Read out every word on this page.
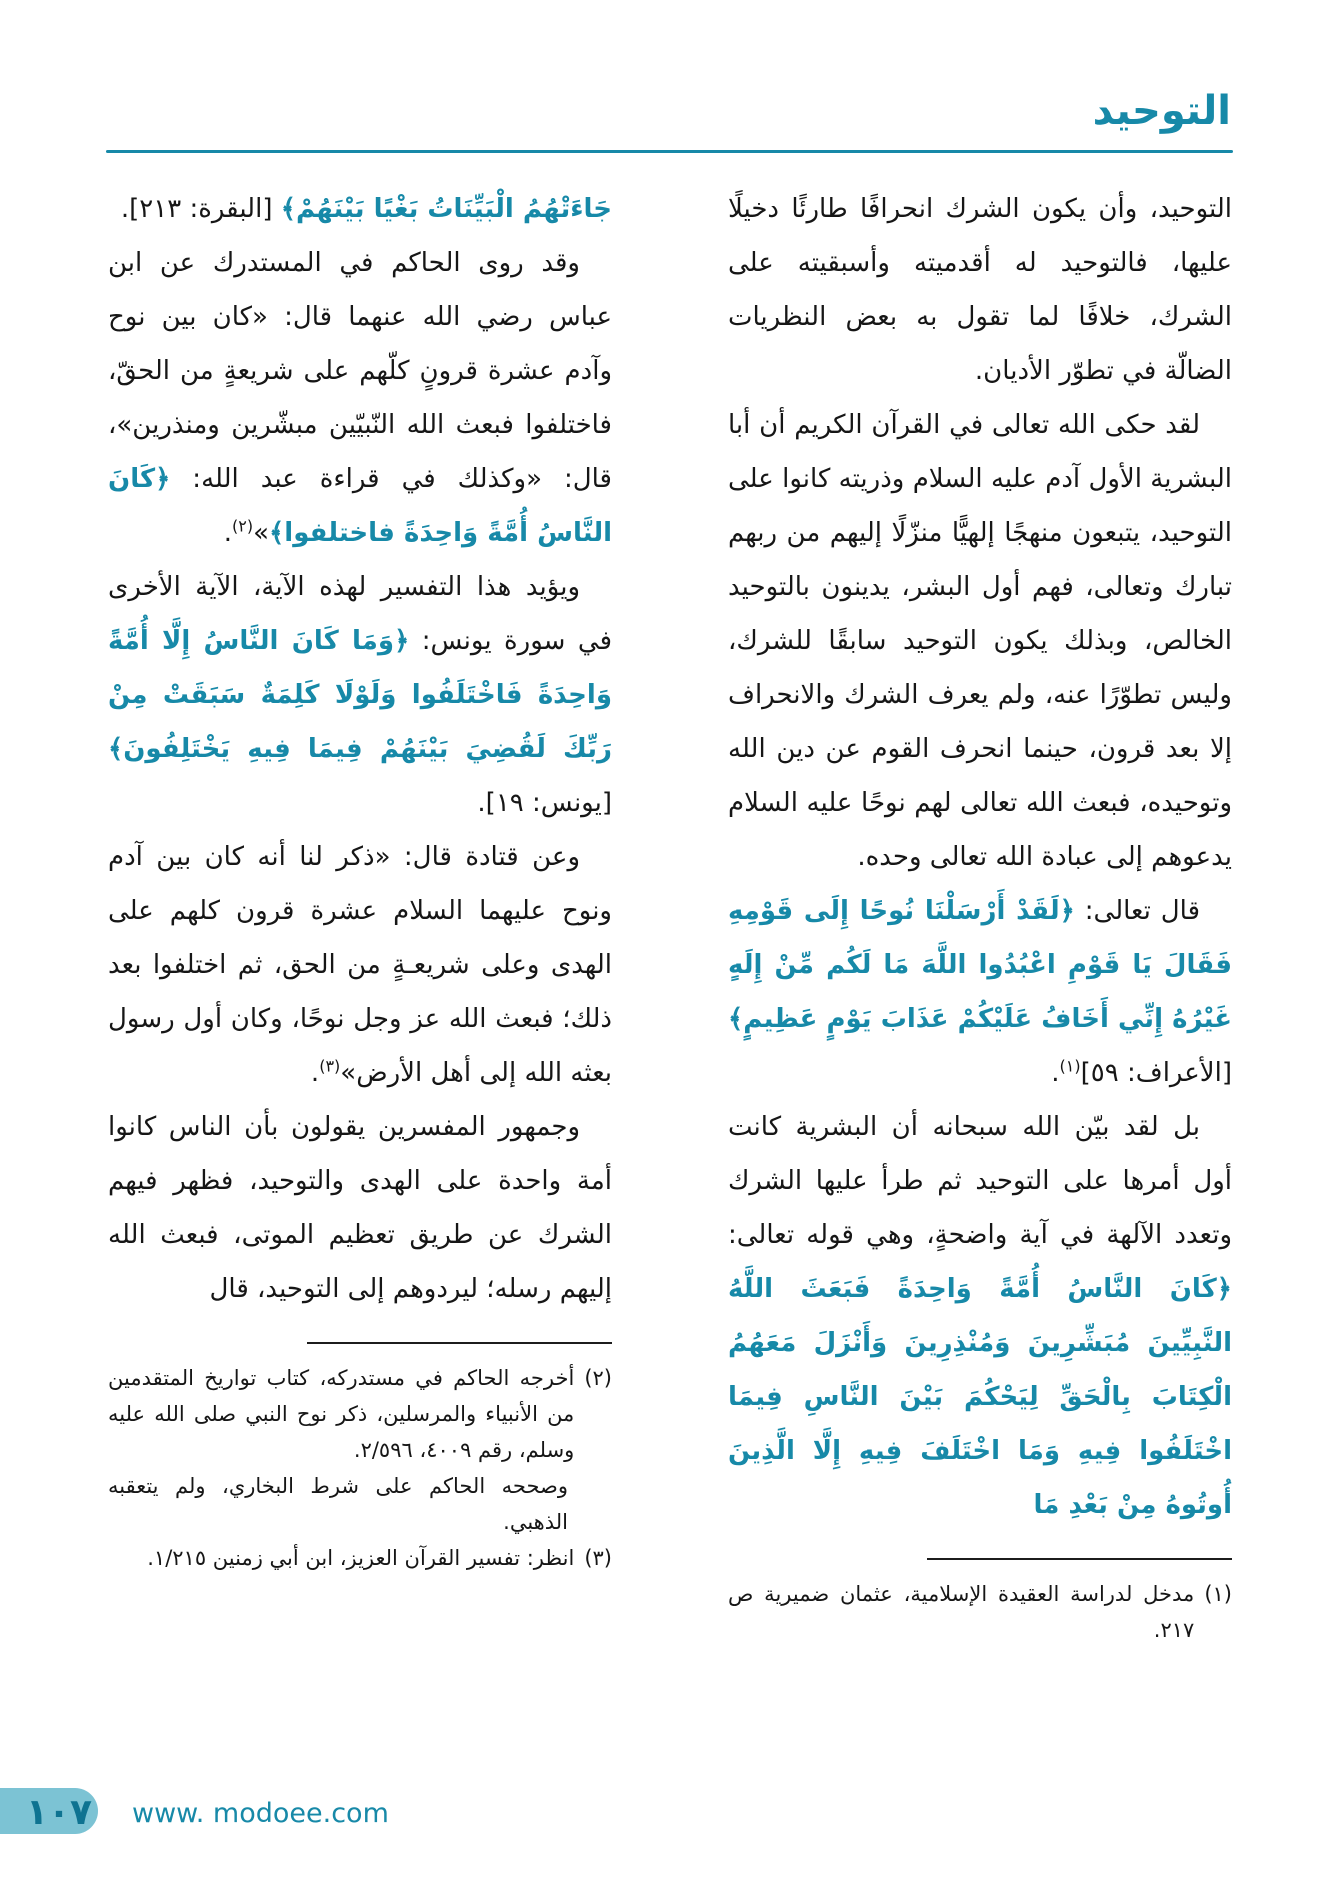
التوحيد

التوحيد، وأن يكون الشرك انحرافًا طارئًا دخيلًا عليها، فالتوحيد له أقدميته وأسبقيته على الشرك، خلافًا لما تقول به بعض النظريات الضالّة في تطوّر الأديان.

لقد حكى الله تعالى في القرآن الكريم أن أبا البشرية الأول آدم عليه السلام وذريته كانوا على التوحيد، يتبعون منهجًا إلهيًّا منزّلًا إليهم من ربهم تبارك وتعالى، فهم أول البشر، يدينون بالتوحيد الخالص، وبذلك يكون التوحيد سابقًا للشرك، وليس تطوّرًا عنه، ولم يعرف الشرك والانحراف إلا بعد قرون، حينما انحرف القوم عن دين الله وتوحيده، فبعث الله تعالى لهم نوحًا عليه السلام يدعوهم إلى عبادة الله تعالى وحده.

قال تعالى: ﴿لَقَدْ أَرْسَلْنَا نُوحًا إِلَى قَوْمِهِ فَقَالَ يَا قَوْمِ اعْبُدُوا اللَّهَ مَا لَكُم مِّنْ إِلَهٍ غَيْرُهُ إِنِّي أَخَافُ عَلَيْكُمْ عَذَابَ يَوْمٍ عَظِيمٍ﴾ [الأعراف: ٥٩]$^{(١)}$.

بل لقد بيّن الله سبحانه أن البشرية كانت أول أمرها على التوحيد ثم طرأ عليها الشرك وتعدد الآلهة في آية واضحةٍ، وهي قوله تعالى: ﴿كَانَ النَّاسُ أُمَّةً وَاحِدَةً فَبَعَثَ اللَّهُ النَّبِيِّينَ مُبَشِّرِينَ وَمُنْذِرِينَ وَأَنْزَلَ مَعَهُمُ الْكِتَابَ بِالْحَقِّ لِيَحْكُمَ بَيْنَ النَّاسِ فِيمَا اخْتَلَفُوا فِيهِ وَمَا اخْتَلَفَ فِيهِ إِلَّا الَّذِينَ أُوتُوهُ مِنْ بَعْدِ مَا

(١)
مدخل لدراسة العقيدة الإسلامية، عثمان ضميرية ص ٢١٧.

جَاءَتْهُمُ الْبَيِّنَاتُ بَغْيًا بَيْنَهُمْ﴾ [البقرة: ٢١٣].

وقد روى الحاكم في المستدرك عن ابن عباس رضي الله عنهما قال: «كان بين نوح وآدم عشرة قرونٍ كلّهم على شريعةٍ من الحقّ، فاختلفوا فبعث الله النّبيّين مبشّرين ومنذرين»، قال: «وكذلك في قراءة عبد الله: ﴿كَانَ النَّاسُ أُمَّةً وَاحِدَةً فاختلفوا﴾»$^{(٢)}$.

ويؤيد هذا التفسير لهذه الآية، الآية الأخرى في سورة يونس: ﴿وَمَا كَانَ النَّاسُ إِلَّا أُمَّةً وَاحِدَةً فَاخْتَلَفُوا وَلَوْلَا كَلِمَةٌ سَبَقَتْ مِنْ رَبِّكَ لَقُضِيَ بَيْنَهُمْ فِيمَا فِيهِ يَخْتَلِفُونَ﴾ [يونس: ١٩].

وعن قتادة قال: «ذكر لنا أنه كان بين آدم ونوح عليهما السلام عشرة قرون كلهم على الهدى وعلى شريعـةٍ من الحق، ثم اختلفوا بعد ذلك؛ فبعث الله عز وجل نوحًا، وكان أول رسول بعثه الله إلى أهل الأرض»$^{(٣)}$.

وجمهور المفسرين يقولون بأن الناس كانوا أمة واحدة على الهدى والتوحيد، فظهر فيهم الشرك عن طريق تعظيم الموتى، فبعث الله إليهم رسله؛ ليردوهم إلى التوحيد، قال

(٢)
أخرجه الحاكم في مستدركه، كتاب تواريخ المتقدمين من الأنبياء والمرسلين، ذكر نوح النبي صلى الله عليه وسلم، رقم ٤٠٠٩، ٢/٥٩٦.
وصححه الحاكم على شرط البخاري، ولم يتعقبه الذهبي.
(٣)
انظر: تفسير القرآن العزيز، ابن أبي زمنين ١/٢١٥.
١٠٧ www. modoee.com
